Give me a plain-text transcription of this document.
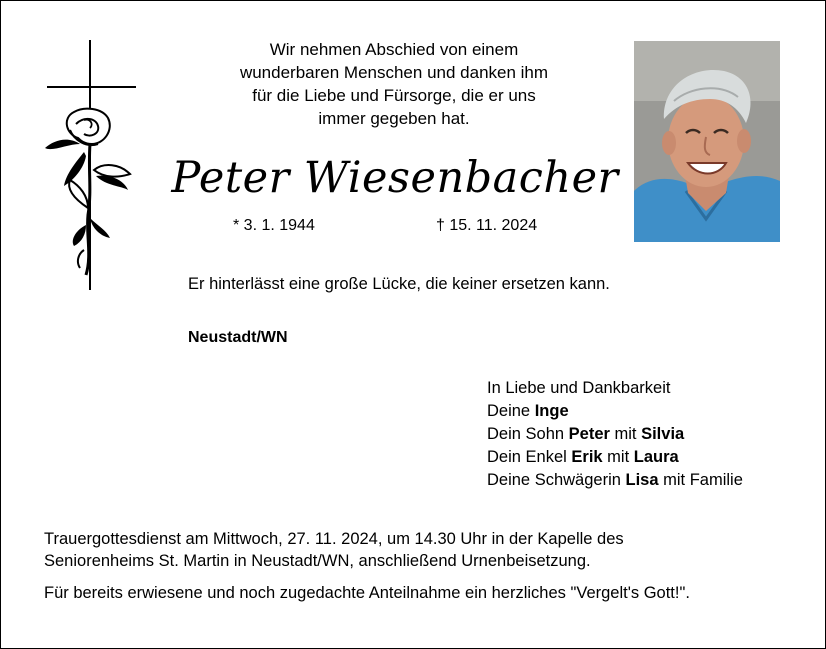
Wir nehmen Abschied von einem
wunderbaren Menschen und danken ihm
für die Liebe und Fürsorge, die er uns
immer gegeben hat.
Peter Wiesenbacher
* 3. 1. 1944	† 15. 11. 2024
Er hinterlässt eine große Lücke, die keiner ersetzen kann.
Neustadt/WN
In Liebe und Dankbarkeit
Deine Inge
Dein Sohn Peter mit Silvia
Dein Enkel Erik mit Laura
Deine Schwägerin Lisa mit Familie
Trauergottesdienst am Mittwoch, 27. 11. 2024, um 14.30 Uhr in der Kapelle des
Seniorenheims St. Martin in Neustadt/WN, anschließend Urnenbeisetzung.
Für bereits erwiesene und noch zugedachte Anteilnahme ein herzliches "Vergelt's Gott!".
